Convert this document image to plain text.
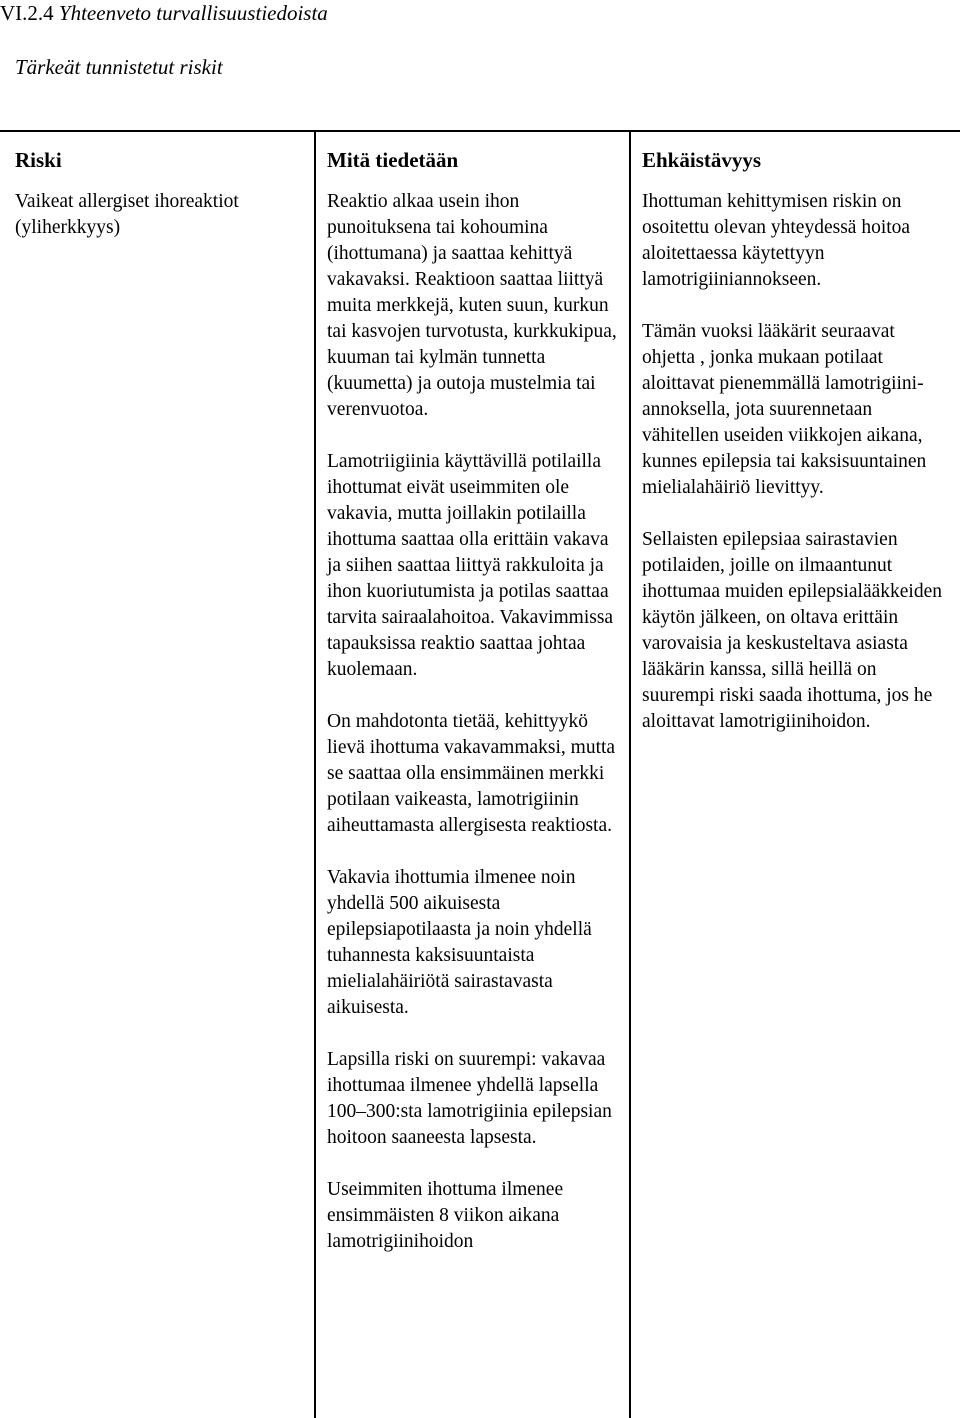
VI.2.4 Yhteenveto turvallisuustiedoista
Tärkeät tunnistetut riskit
Riski	Mitä tiedetään	Ehkäistävyys

Vaikeat allergiset ihoreaktiot (yliherkkyys)

Reaktio alkaa usein ihon punoituksena tai kohoumina (ihottumana) ja saattaa kehittyä vakavaksi. Reaktioon saattaa liittyä muita merkkejä, kuten suun, kurkun tai kasvojen turvotusta, kurkkukipua, kuuman tai kylmän tunnetta (kuumetta) ja outoja mustelmia tai verenvuotoa.

Lamotriigiinia käyttävillä potilailla ihottumat eivät useimmiten ole vakavia, mutta joillakin potilailla ihottuma saattaa olla erittäin vakava ja siihen saattaa liittyä rakkuloita ja ihon kuoriutumista ja potilas saattaa tarvita sairaalahoitoa. Vakavimmissa tapauksissa reaktio saattaa johtaa kuolemaan.

On mahdotonta tietää, kehittyykö lievä ihottuma vakavammaksi, mutta se saattaa olla ensimmäinen merkki potilaan vaikeasta, lamotrigiinin aiheuttamasta allergisesta reaktiosta.

Vakavia ihottumia ilmenee noin yhdellä 500 aikuisesta epilepsiapotilaasta ja noin yhdellä tuhannesta kaksisuuntaista mielialahäiriötä sairastavasta aikuisesta.

Lapsilla riski on suurempi: vakavaa ihottumaa ilmenee yhdellä lapsella 100–300:sta lamotrigiinia epilepsian hoitoon saaneesta lapsesta.

Useimmiten ihottuma ilmenee ensimmäisten 8 viikon aikana lamotrigiinihoidon

Ihottuman kehittymisen riskin on osoitettu olevan yhteydessä hoitoa aloitettaessa käytettyyn lamotrigiiniannokseen.

Tämän vuoksi lääkärit seuraavat ohjetta , jonka mukaan potilaat aloittavat pienemmällä lamotrigiini-annoksella, jota suurennetaan vähitellen useiden viikkojen aikana, kunnes epilepsia tai kaksisuuntainen mielialahäiriö lievittyy.

Sellaisten epilepsiaa sairastavien potilaiden, joille on ilmaantunut ihottumaa muiden epilepsialääkkeiden käytön jälkeen, on oltava erittäin varovaisia ja keskusteltava asiasta lääkärin kanssa, sillä heillä on suurempi riski saada ihottuma, jos he aloittavat lamotrigiinihoidon.
